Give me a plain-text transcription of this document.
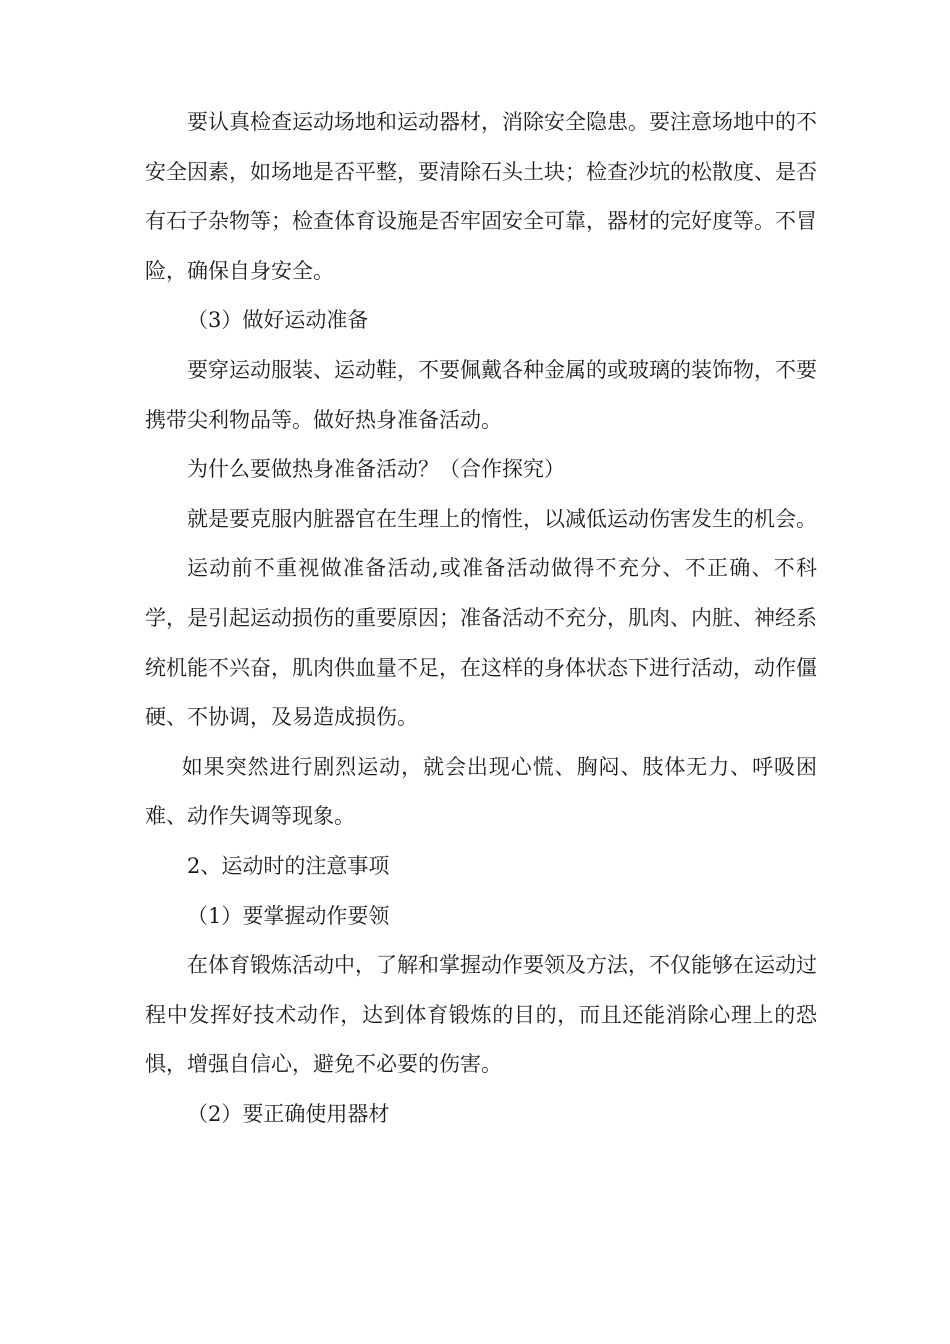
要认真检查运动场地和运动器材，消除安全隐患。要注意场地中的不安全因素，如场地是否平整，要清除石头土块；检查沙坑的松散度、是否有石子杂物等；检查体育设施是否牢固安全可靠，器材的完好度等。不冒险，确保自身安全。

（3）做好运动准备

要穿运动服装、运动鞋，不要佩戴各种金属的或玻璃的装饰物，不要携带尖利物品等。做好热身准备活动。

为什么要做热身准备活动？（合作探究）

就是要克服内脏器官在生理上的惰性，以减低运动伤害发生的机会。

运动前不重视做准备活动,或准备活动做得不充分、不正确、不科学，是引起运动损伤的重要原因；准备活动不充分，肌肉、内脏、神经系统机能不兴奋，肌肉供血量不足，在这样的身体状态下进行活动，动作僵硬、不协调，及易造成损伤。

如果突然进行剧烈运动，就会出现心慌、胸闷、肢体无力、呼吸困难、动作失调等现象。

2、运动时的注意事项

（1）要掌握动作要领

在体育锻炼活动中，了解和掌握动作要领及方法，不仅能够在运动过程中发挥好技术动作，达到体育锻炼的目的，而且还能消除心理上的恐惧，增强自信心，避免不必要的伤害。

（2）要正确使用器材
